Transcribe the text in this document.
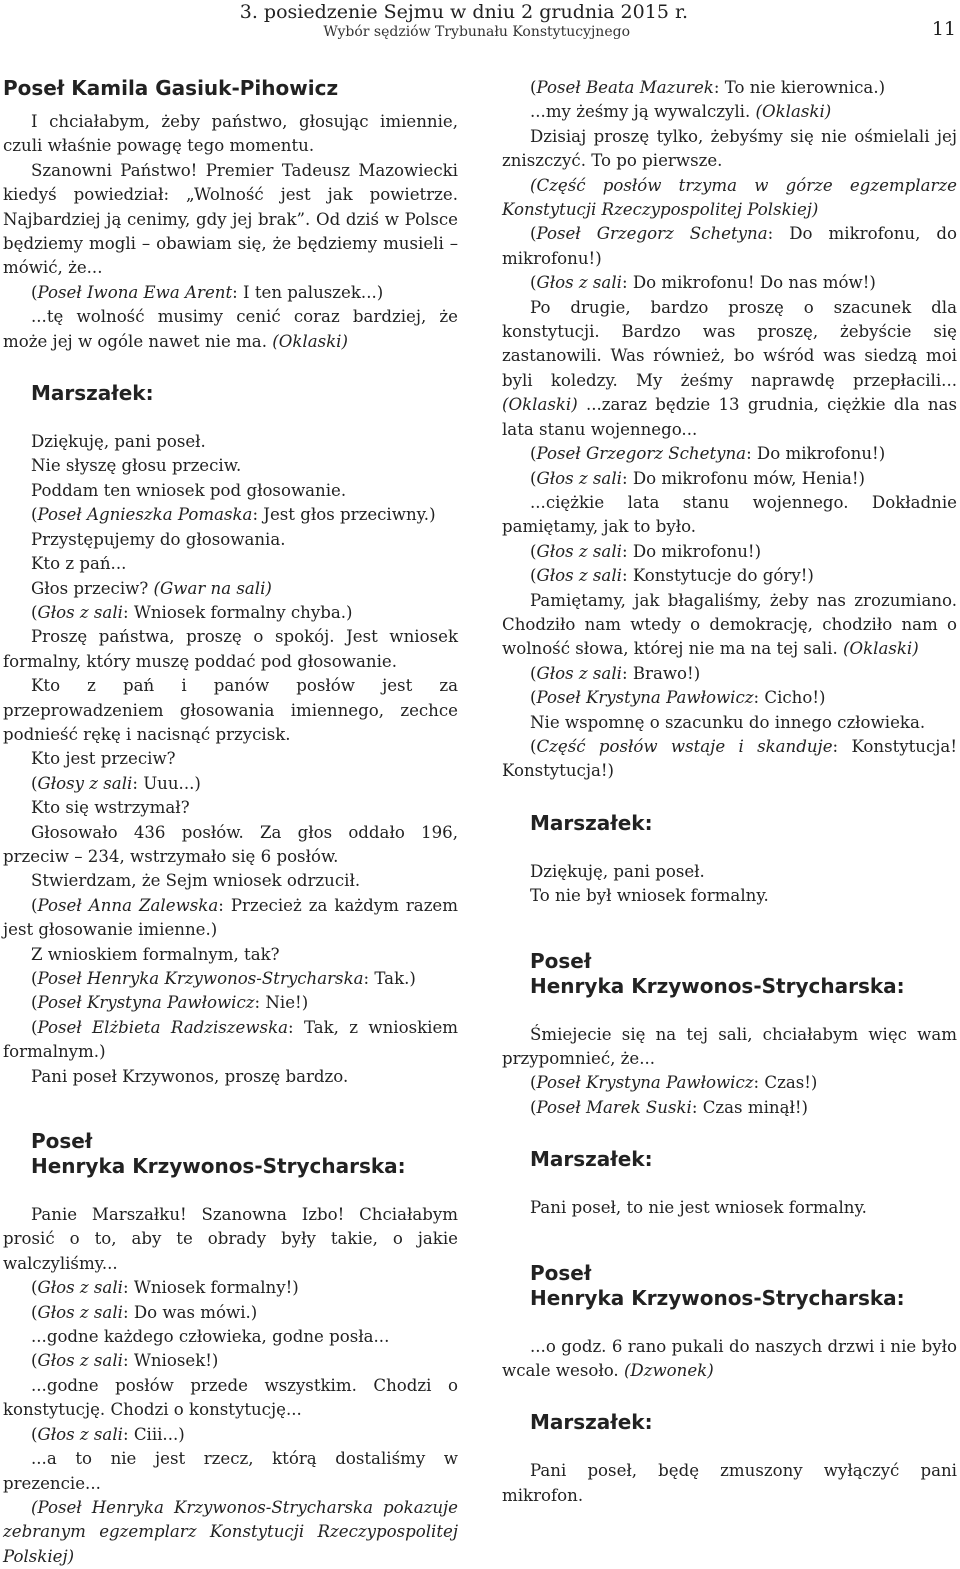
3. posiedzenie Sejmu w dniu 2 grudnia 2015 r.
Wybór sędziów Trybunału Konstytucyjnego	11

Poseł Kamila Gasiuk-Pihowicz

I chciałabym, żeby państwo, głosując imiennie, czuli właśnie powagę tego momentu.

Szanowni Państwo! Premier Tadeusz Mazowiecki kiedyś powiedział: „Wolność jest jak powietrze. Najbardziej ją cenimy, gdy jej brak”. Od dziś w Polsce będziemy mogli – obawiam się, że będziemy musieli – mówić, że...

(Poseł Iwona Ewa Arent: I ten paluszek...)

...tę wolność musimy cenić coraz bardziej, że może jej w ogóle nawet nie ma. (Oklaski)

Marszałek:

Dziękuję, pani poseł.

Nie słyszę głosu przeciw.

Poddam ten wniosek pod głosowanie.

(Poseł Agnieszka Pomaska: Jest głos przeciwny.)

Przystępujemy do głosowania.

Kto z pań...

Głos przeciw? (Gwar na sali)

(Głos z sali: Wniosek formalny chyba.)

Proszę państwa, proszę o spokój. Jest wniosek formalny, który muszę poddać pod głosowanie.

Kto z pań i panów posłów jest za przeprowadzeniem głosowania imiennego, zechce podnieść rękę i nacisnąć przycisk.

Kto jest przeciw?

(Głosy z sali: Uuu...)

Kto się wstrzymał?

Głosowało 436 posłów. Za głos oddało 196, przeciw – 234, wstrzymało się 6 posłów.

Stwierdzam, że Sejm wniosek odrzucił.

(Poseł Anna Zalewska: Przecież za każdym razem jest głosowanie imienne.)

Z wnioskiem formalnym, tak?

(Poseł Henryka Krzywonos-Strycharska: Tak.)

(Poseł Krystyna Pawłowicz: Nie!)

(Poseł Elżbieta Radziszewska: Tak, z wnioskiem formalnym.)

Pani poseł Krzywonos, proszę bardzo.

Poseł
Henryka Krzywonos-Strycharska:

Panie Marszałku! Szanowna Izbo! Chciałabym prosić o to, aby te obrady były takie, o jakie walczyliśmy...

(Głos z sali: Wniosek formalny!)

(Głos z sali: Do was mówi.)

...godne każdego człowieka, godne posła...

(Głos z sali: Wniosek!)

...godne posłów przede wszystkim. Chodzi o konstytucję. Chodzi o konstytucję...

(Głos z sali: Ciii...)

...a to nie jest rzecz, którą dostaliśmy w prezencie...

(Poseł Henryka Krzywonos-Strycharska pokazuje zebranym egzemplarz Konstytucji Rzeczypospolitej Polskiej)

(Poseł Beata Mazurek: To nie kierownica.)

...my żeśmy ją wywalczyli. (Oklaski)

Dzisiaj proszę tylko, żebyśmy się nie ośmielali jej zniszczyć. To po pierwsze.

(Część posłów trzyma w górze egzemplarze Konstytucji Rzeczypospolitej Polskiej)

(Poseł Grzegorz Schetyna: Do mikrofonu, do mikrofonu!)

(Głos z sali: Do mikrofonu! Do nas mów!)

Po drugie, bardzo proszę o szacunek dla konstytucji. Bardzo was proszę, żebyście się zastanowili. Was również, bo wśród was siedzą moi byli koledzy. My żeśmy naprawdę przepłacili... (Oklaski) ...zaraz będzie 13 grudnia, ciężkie dla nas lata stanu wojennego...

(Poseł Grzegorz Schetyna: Do mikrofonu!)

(Głos z sali: Do mikrofonu mów, Henia!)

...ciężkie lata stanu wojennego. Dokładnie pamiętamy, jak to było.

(Głos z sali: Do mikrofonu!)

(Głos z sali: Konstytucje do góry!)

Pamiętamy, jak błagaliśmy, żeby nas zrozumiano. Chodziło nam wtedy o demokrację, chodziło nam o wolność słowa, której nie ma na tej sali. (Oklaski)

(Głos z sali: Brawo!)

(Poseł Krystyna Pawłowicz: Cicho!)

Nie wspomnę o szacunku do innego człowieka.

(Część posłów wstaje i skanduje: Konstytucja! Konstytucja!)

Marszałek:

Dziękuję, pani poseł.

To nie był wniosek formalny.

Poseł
Henryka Krzywonos-Strycharska:

Śmiejecie się na tej sali, chciałabym więc wam przypomnieć, że...

(Poseł Krystyna Pawłowicz: Czas!)

(Poseł Marek Suski: Czas minął!)

Marszałek:

Pani poseł, to nie jest wniosek formalny.

Poseł
Henryka Krzywonos-Strycharska:

...o godz. 6 rano pukali do naszych drzwi i nie było wcale wesoło. (Dzwonek)

Marszałek:

Pani poseł, będę zmuszony wyłączyć pani mikrofon.
